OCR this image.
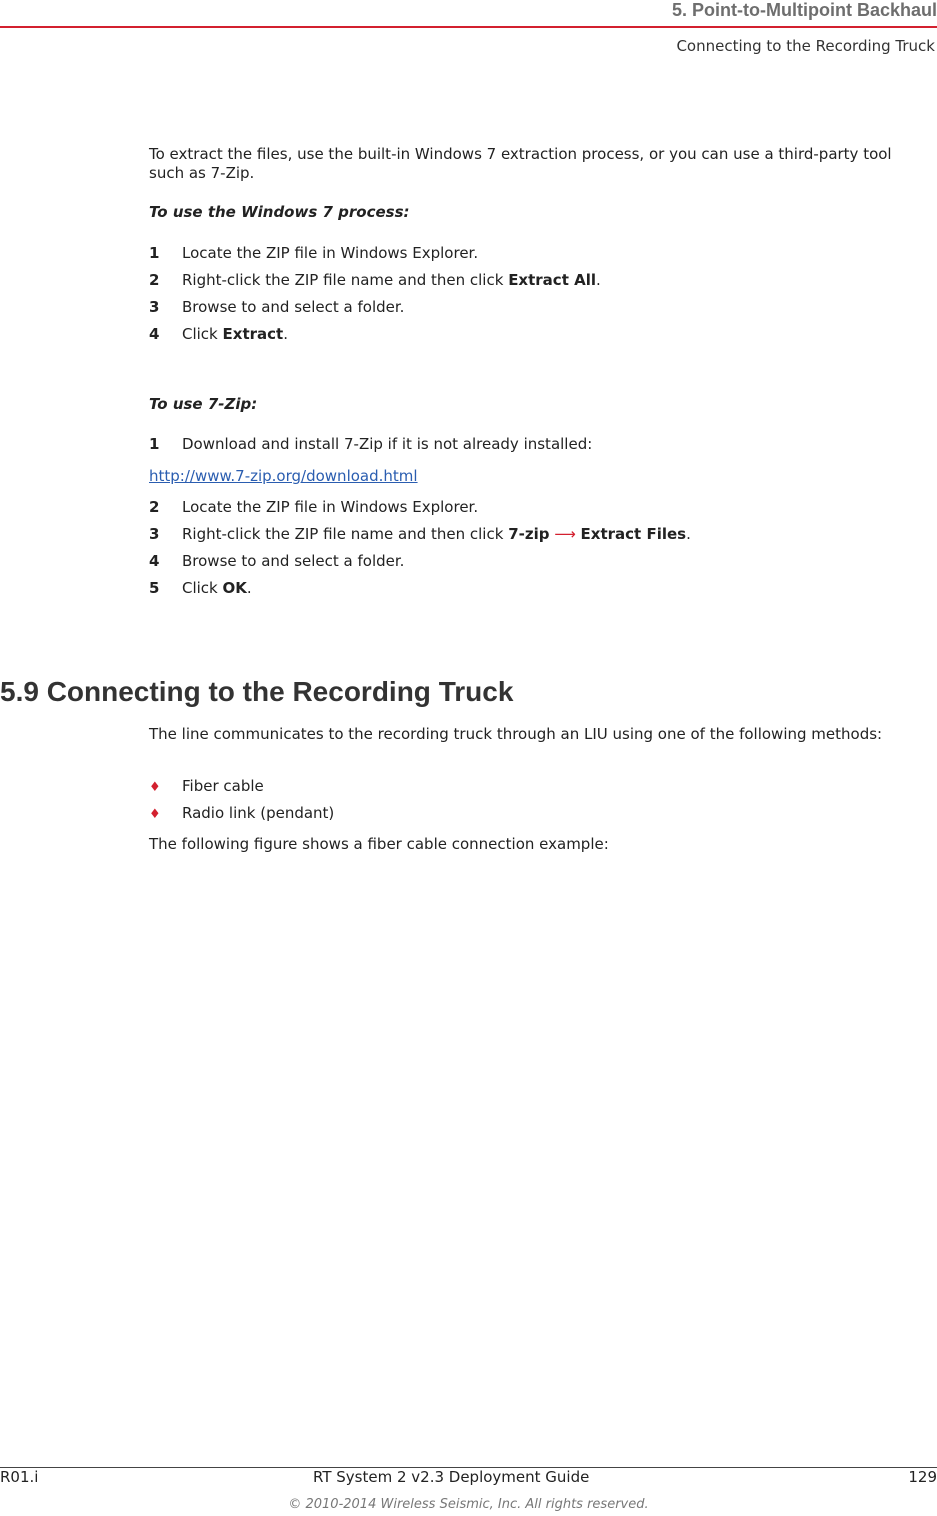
5. Point-to-Multipoint Backhaul
Connecting to the Recording Truck
To extract the files, use the built-in Windows 7 extraction process, or you can use a third-party tool such as 7-Zip.
To use the Windows 7 process:
1 Locate the ZIP file in Windows Explorer.
2 Right-click the ZIP file name and then click Extract All.
3 Browse to and select a folder.
4 Click Extract.
To use 7-Zip:
1 Download and install 7-Zip if it is not already installed:
http://www.7-zip.org/download.html
2 Locate the ZIP file in Windows Explorer.
3 Right-click the ZIP file name and then click 7-zip ⟶ Extract Files.
4 Browse to and select a folder.
5 Click OK.
5.9 Connecting to the Recording Truck
The line communicates to the recording truck through an LIU using one of the following methods:
♦ Fiber cable
♦ Radio link (pendant)
The following figure shows a fiber cable connection example:
R01.i	RT System 2 v2.3 Deployment Guide	129
© 2010-2014 Wireless Seismic, Inc. All rights reserved.
